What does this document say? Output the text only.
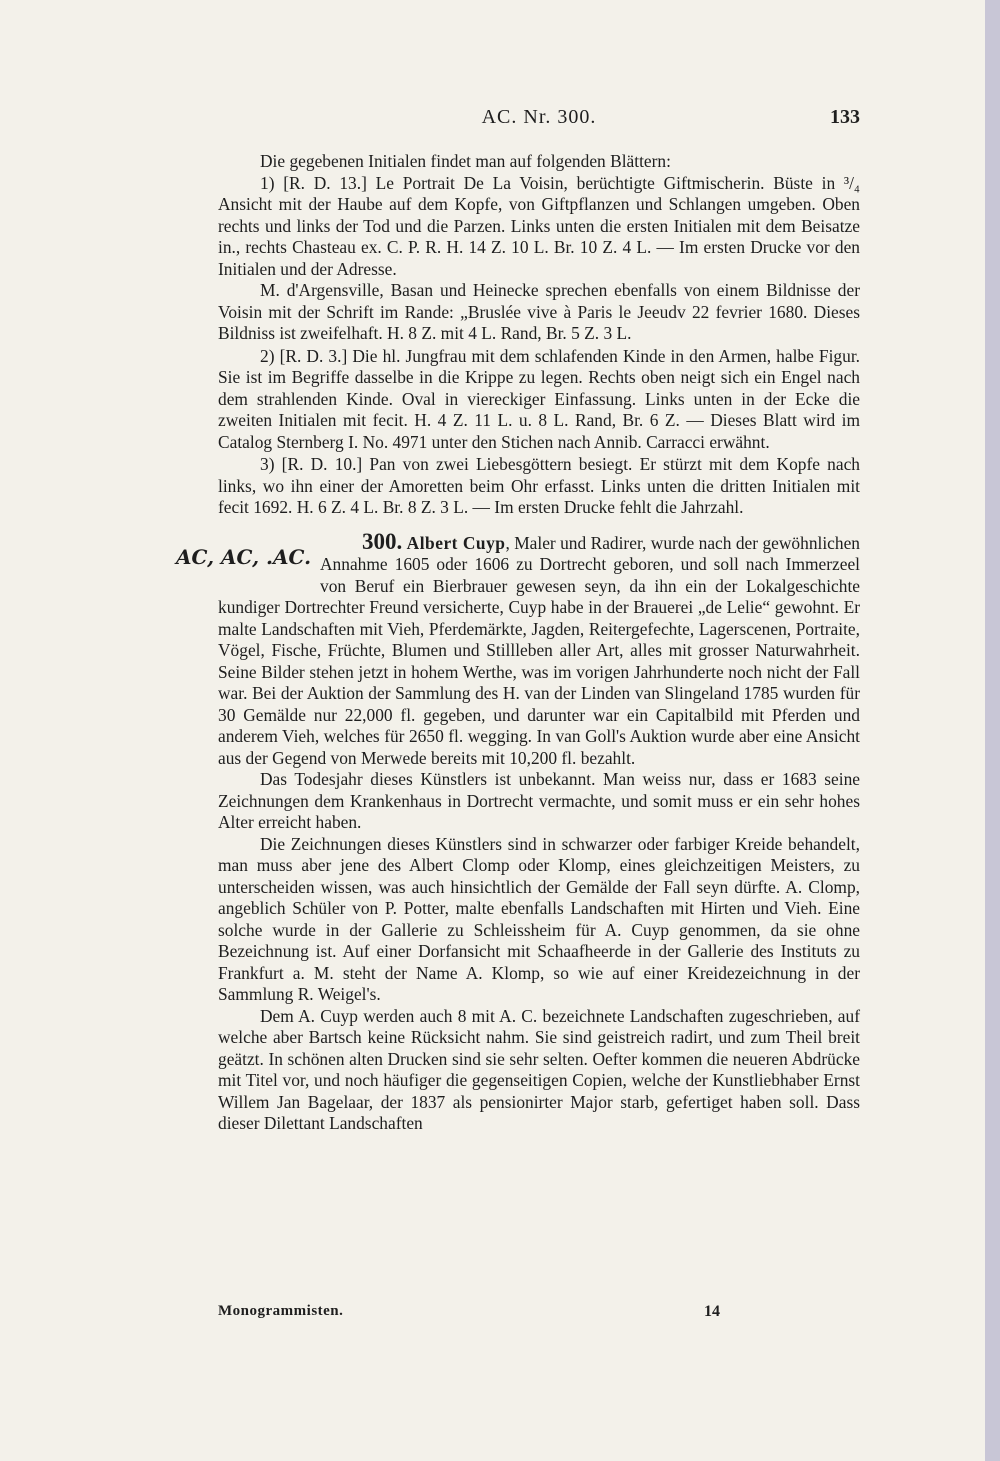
AC. Nr. 300.	133

Die gegebenen Initialen findet man auf folgenden Blättern:

1) [R. D. 13.] Le Portrait De La Voisin, berüchtigte Giftmischerin. Büste in ³/₄ Ansicht mit der Haube auf dem Kopfe, von Giftpflanzen und Schlangen umgeben. Oben rechts und links der Tod und die Parzen. Links unten die ersten Initialen mit dem Beisatze in., rechts Chasteau ex. C. P. R. H. 14 Z. 10 L. Br. 10 Z. 4 L. — Im ersten Drucke vor den Initialen und der Adresse.

M. d'Argensville, Basan und Heinecke sprechen ebenfalls von einem Bildnisse der Voisin mit der Schrift im Rande: „Bruslée vive à Paris le Jeeudv 22 fevrier 1680. Dieses Bildniss ist zweifelhaft. H. 8 Z. mit 4 L. Rand, Br. 5 Z. 3 L.

2) [R. D. 3.] Die hl. Jungfrau mit dem schlafenden Kinde in den Armen, halbe Figur. Sie ist im Begriffe dasselbe in die Krippe zu legen. Rechts oben neigt sich ein Engel nach dem strahlenden Kinde. Oval in viereckiger Einfassung. Links unten in der Ecke die zweiten Initialen mit fecit. H. 4 Z. 11 L. u. 8 L. Rand, Br. 6 Z. — Dieses Blatt wird im Catalog Sternberg I. No. 4971 unter den Stichen nach Annib. Carracci erwähnt.

3) [R. D. 10.] Pan von zwei Liebesgöttern besiegt. Er stürzt mit dem Kopfe nach links, wo ihn einer der Amoretten beim Ohr erfasst. Links unten die dritten Initialen mit fecit 1692. H. 6 Z. 4 L. Br. 8 Z. 3 L. — Im ersten Drucke fehlt die Jahrzahl.

300. Albert Cuyp
AC, AC, .AC.
, Maler und Radirer, wurde nach der gewöhnlichen Annahme 1605 oder 1606 zu Dortrecht geboren, und soll nach Immerzeel von Beruf ein Bierbrauer gewesen seyn, da ihn ein der Lokalgeschichte kundiger Dortrechter Freund versicherte, Cuyp habe in der Brauerei „de Lelie“ gewohnt. Er malte Landschaften mit Vieh, Pferdemärkte, Jagden, Reitergefechte, Lagerscenen, Portraite, Vögel, Fische, Früchte, Blumen und Stillleben aller Art, alles mit grosser Naturwahrheit. Seine Bilder stehen jetzt in hohem Werthe, was im vorigen Jahrhunderte noch nicht der Fall war. Bei der Auktion der Sammlung des H. van der Linden van Slingeland 1785 wurden für 30 Gemälde nur 22,000 fl. gegeben, und darunter war ein Capitalbild mit Pferden und anderem Vieh, welches für 2650 fl. wegging. In van Goll's Auktion wurde aber eine Ansicht aus der Gegend von Merwede bereits mit 10,200 fl. bezahlt.

Das Todesjahr dieses Künstlers ist unbekannt. Man weiss nur, dass er 1683 seine Zeichnungen dem Krankenhaus in Dortrecht vermachte, und somit muss er ein sehr hohes Alter erreicht haben.

Die Zeichnungen dieses Künstlers sind in schwarzer oder farbiger Kreide behandelt, man muss aber jene des Albert Clomp oder Klomp, eines gleichzeitigen Meisters, zu unterscheiden wissen, was auch hinsichtlich der Gemälde der Fall seyn dürfte. A. Clomp, angeblich Schüler von P. Potter, malte ebenfalls Landschaften mit Hirten und Vieh. Eine solche wurde in der Gallerie zu Schleissheim für A. Cuyp genommen, da sie ohne Bezeichnung ist. Auf einer Dorfansicht mit Schaafheerde in der Gallerie des Instituts zu Frankfurt a. M. steht der Name A. Klomp, so wie auf einer Kreidezeichnung in der Sammlung R. Weigel's.

Dem A. Cuyp werden auch 8 mit A. C. bezeichnete Landschaften zugeschrieben, auf welche aber Bartsch keine Rücksicht nahm. Sie sind geistreich radirt, und zum Theil breit geätzt. In schönen alten Drucken sind sie sehr selten. Oefter kommen die neueren Abdrücke mit Titel vor, und noch häufiger die gegenseitigen Copien, welche der Kunstliebhaber Ernst Willem Jan Bagelaar, der 1837 als pensionirter Major starb, gefertiget haben soll. Dass dieser Dilettant Landschaften

Monogrammisten.	14
